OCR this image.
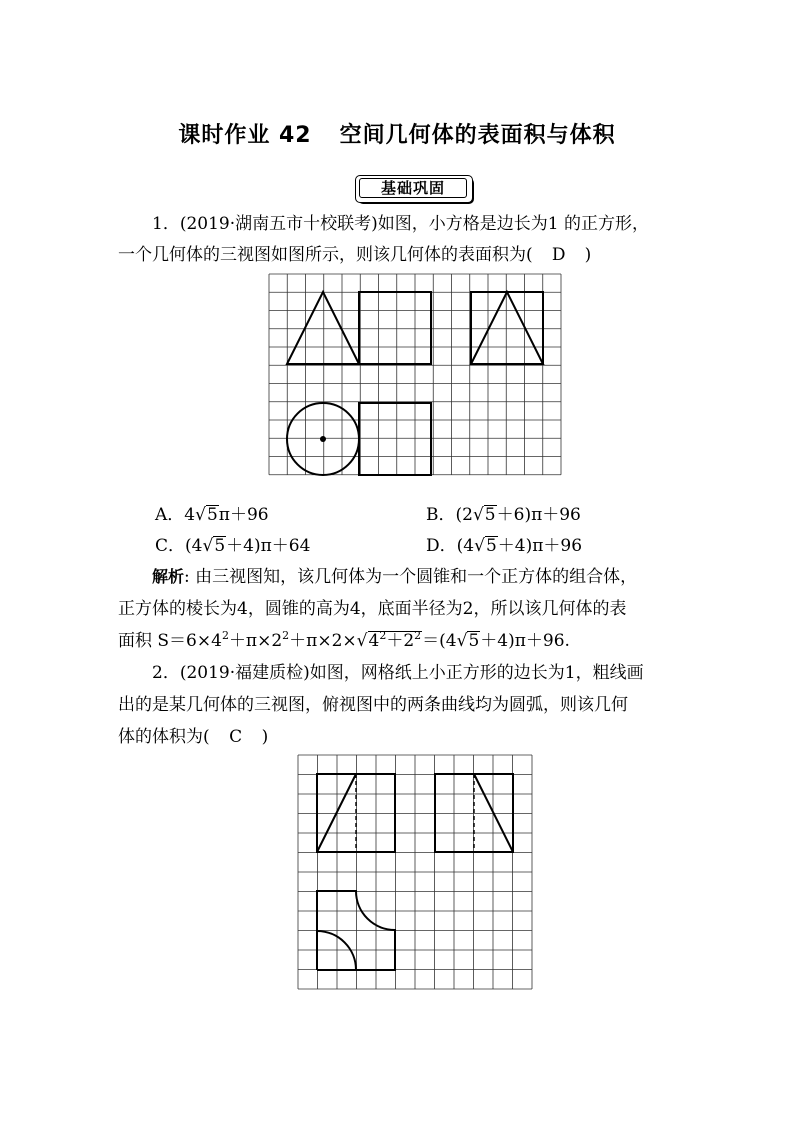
课时作业 42 空间几何体的表面积与体积
基础巩固
1．(2019·湖南五市十校联考)如图，小方格是边长为1 的正方形，
一个几何体的三视图如图所示，则该几何体的表面积为( D )
A．4√5π＋96	B．(2√5＋6)π＋96
C．(4√5＋4)π＋64	D．(4√5＋4)π＋96
解析: 由三视图知，该几何体为一个圆锥和一个正方体的组合体，
正方体的棱长为4，圆锥的高为4，底面半径为2，所以该几何体的表
面积 $S=6\times 4^2+\pi\times 2^2+\pi\times 2\times√4^2+2^2=(4√5+4)\pi+96$.
2．(2019·福建质检)如图，网格纸上小正方形的边长为1，粗线画
出的是某几何体的三视图，俯视图中的两条曲线均为圆弧，则该几何
体的体积为( C )
